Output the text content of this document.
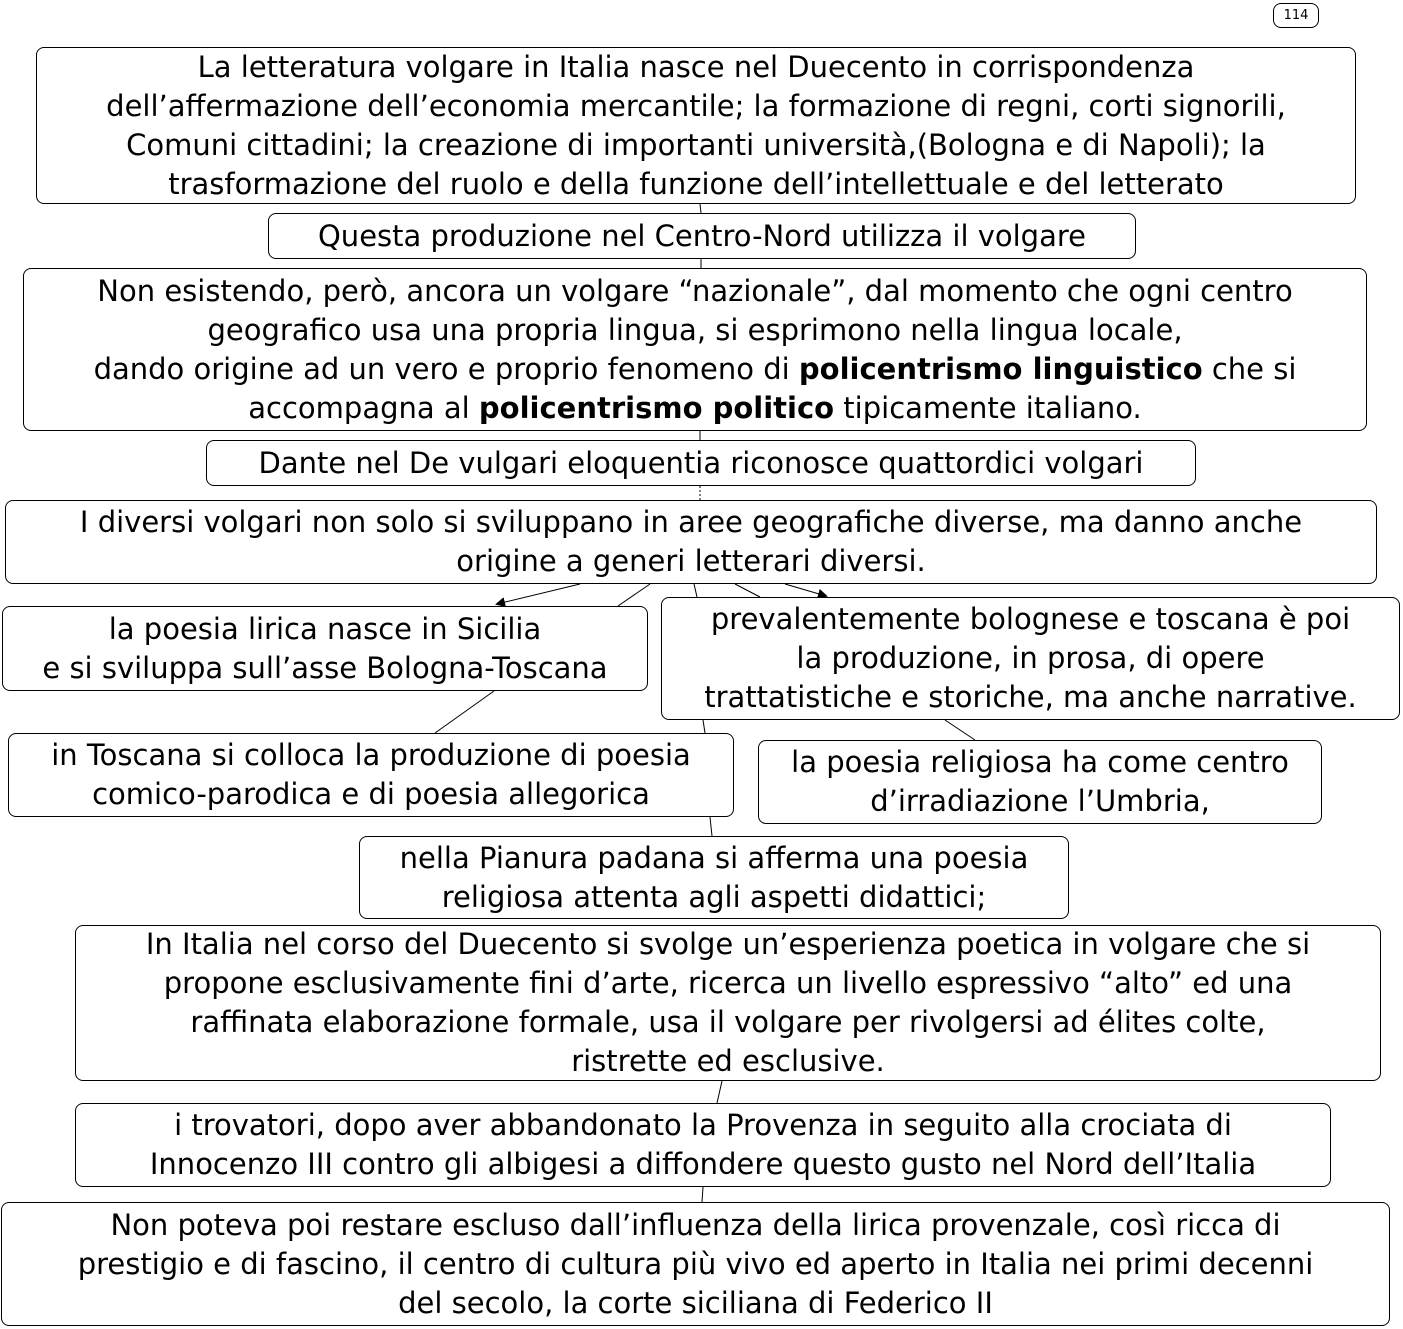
114
La letteratura volgare in Italia nasce nel Duecento in corrispondenza
dell’affermazione dell’economia mercantile; la formazione di regni, corti signorili,
Comuni cittadini; la creazione di importanti università,(Bologna e di Napoli); la
trasformazione del ruolo e della funzione dell’intellettuale e del letterato
Questa produzione nel Centro-Nord utilizza il volgare
Non esistendo, però, ancora un volgare “nazionale”, dal momento che ogni centro
geografico usa una propria lingua, si esprimono nella lingua locale,
dando origine ad un vero e proprio fenomeno di policentrismo linguistico che si
accompagna al policentrismo politico tipicamente italiano.
Dante nel De vulgari eloquentia riconosce quattordici volgari
I diversi volgari non solo si sviluppano in aree geografiche diverse, ma danno anche
origine a generi letterari diversi.
la poesia lirica nasce in Sicilia
e si sviluppa sull’asse Bologna-Toscana
prevalentemente bolognese e toscana è poi
la produzione, in prosa, di opere
trattatistiche e storiche, ma anche narrative.
in Toscana si colloca la produzione di poesia
comico-parodica e di poesia allegorica
la poesia religiosa ha come centro
d’irradiazione l’Umbria,
nella Pianura padana si afferma una poesia
religiosa attenta agli aspetti didattici;
In Italia nel corso del Duecento si svolge un’esperienza poetica in volgare che si
propone esclusivamente fini d’arte, ricerca un livello espressivo “alto” ed una
raffinata elaborazione formale, usa il volgare per rivolgersi ad élites colte,
ristrette ed esclusive.
i trovatori, dopo aver abbandonato la Provenza in seguito alla crociata di
Innocenzo III contro gli albigesi a diffondere questo gusto nel Nord dell’Italia
Non poteva poi restare escluso dall’influenza della lirica provenzale, così ricca di
prestigio e di fascino, il centro di cultura più vivo ed aperto in Italia nei primi decenni
del secolo, la corte siciliana di Federico II
